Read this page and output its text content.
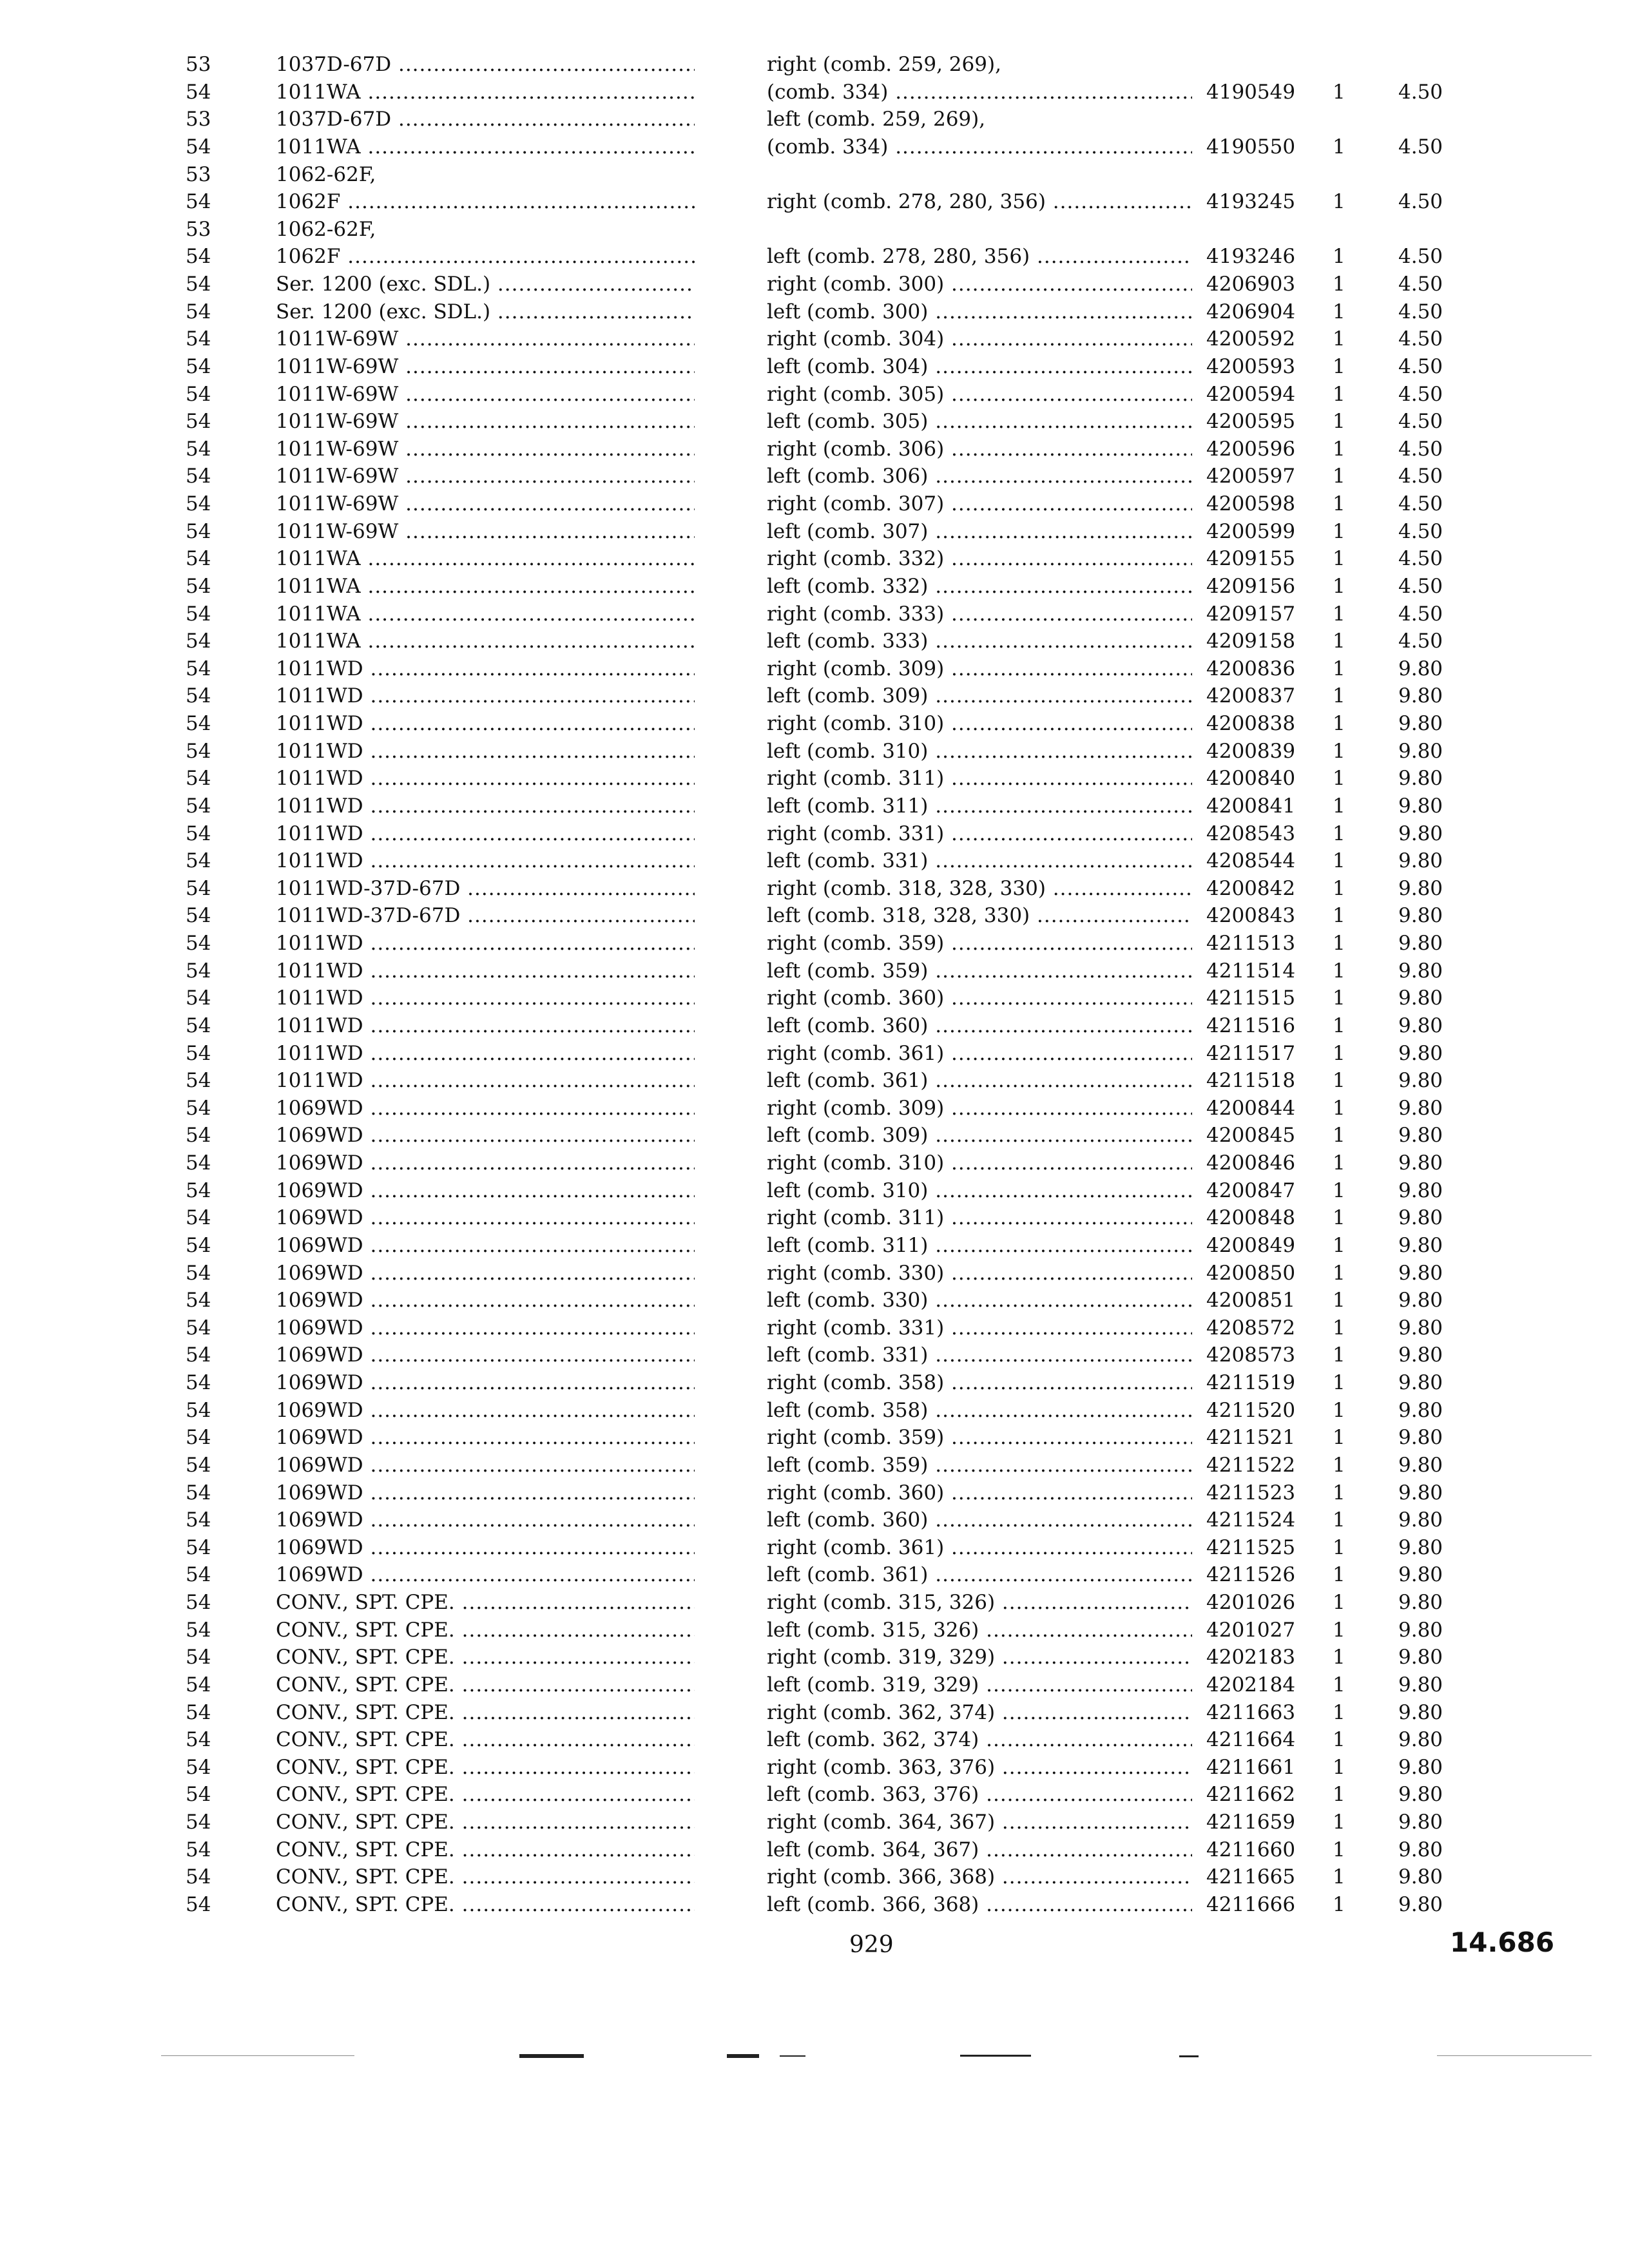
53	1037D-67D .....	right (comb. 259, 269),
54	1011WA .....	(comb. 334) .....	4190549	1	4.50
53	1037D-67D .....	left (comb. 259, 269),
54	1011WA .....	(comb. 334) .....	4190550	1	4.50
53	1062-62F,
54	1062F .....	right (comb. 278, 280, 356) .....	4193245	1	4.50
53	1062-62F,
54	1062F .....	left (comb. 278, 280, 356) .....	4193246	1	4.50
54	Ser. 1200 (exc. SDL.) .....	right (comb. 300) .....	4206903	1	4.50
54	Ser. 1200 (exc. SDL.) .....	left (comb. 300) .....	4206904	1	4.50
54	1011W-69W .....	right (comb. 304) .....	4200592	1	4.50
54	1011W-69W .....	left (comb. 304) .....	4200593	1	4.50
54	1011W-69W .....	right (comb. 305) .....	4200594	1	4.50
54	1011W-69W .....	left (comb. 305) .....	4200595	1	4.50
54	1011W-69W .....	right (comb. 306) .....	4200596	1	4.50
54	1011W-69W .....	left (comb. 306) .....	4200597	1	4.50
54	1011W-69W .....	right (comb. 307) .....	4200598	1	4.50
54	1011W-69W .....	left (comb. 307) .....	4200599	1	4.50
54	1011WA .....	right (comb. 332) .....	4209155	1	4.50
54	1011WA .....	left (comb. 332) .....	4209156	1	4.50
54	1011WA .....	right (comb. 333) .....	4209157	1	4.50
54	1011WA .....	left (comb. 333) .....	4209158	1	4.50
54	1011WD .....	right (comb. 309) .....	4200836	1	9.80
54	1011WD .....	left (comb. 309) .....	4200837	1	9.80
54	1011WD .....	right (comb. 310) .....	4200838	1	9.80
54	1011WD .....	left (comb. 310) .....	4200839	1	9.80
54	1011WD .....	right (comb. 311) .....	4200840	1	9.80
54	1011WD .....	left (comb. 311) .....	4200841	1	9.80
54	1011WD .....	right (comb. 331) .....	4208543	1	9.80
54	1011WD .....	left (comb. 331) .....	4208544	1	9.80
54	1011WD-37D-67D .....	right (comb. 318, 328, 330) .....	4200842	1	9.80
54	1011WD-37D-67D .....	left (comb. 318, 328, 330) .....	4200843	1	9.80
54	1011WD .....	right (comb. 359) .....	4211513	1	9.80
54	1011WD .....	left (comb. 359) .....	4211514	1	9.80
54	1011WD .....	right (comb. 360) .....	4211515	1	9.80
54	1011WD .....	left (comb. 360) .....	4211516	1	9.80
54	1011WD .....	right (comb. 361) .....	4211517	1	9.80
54	1011WD .....	left (comb. 361) .....	4211518	1	9.80
54	1069WD .....	right (comb. 309) .....	4200844	1	9.80
54	1069WD .....	left (comb. 309) .....	4200845	1	9.80
54	1069WD .....	right (comb. 310) .....	4200846	1	9.80
54	1069WD .....	left (comb. 310) .....	4200847	1	9.80
54	1069WD .....	right (comb. 311) .....	4200848	1	9.80
54	1069WD .....	left (comb. 311) .....	4200849	1	9.80
54	1069WD .....	right (comb. 330) .....	4200850	1	9.80
54	1069WD .....	left (comb. 330) .....	4200851	1	9.80
54	1069WD .....	right (comb. 331) .....	4208572	1	9.80
54	1069WD .....	left (comb. 331) .....	4208573	1	9.80
54	1069WD .....	right (comb. 358) .....	4211519	1	9.80
54	1069WD .....	left (comb. 358) .....	4211520	1	9.80
54	1069WD .....	right (comb. 359) .....	4211521	1	9.80
54	1069WD .....	left (comb. 359) .....	4211522	1	9.80
54	1069WD .....	right (comb. 360) .....	4211523	1	9.80
54	1069WD .....	left (comb. 360) .....	4211524	1	9.80
54	1069WD .....	right (comb. 361) .....	4211525	1	9.80
54	1069WD .....	left (comb. 361) .....	4211526	1	9.80
54	CONV., SPT. CPE. .....	right (comb. 315, 326) .....	4201026	1	9.80
54	CONV., SPT. CPE. .....	left (comb. 315, 326) .....	4201027	1	9.80
54	CONV., SPT. CPE. .....	right (comb. 319, 329) .....	4202183	1	9.80
54	CONV., SPT. CPE. .....	left (comb. 319, 329) .....	4202184	1	9.80
54	CONV., SPT. CPE. .....	right (comb. 362, 374) .....	4211663	1	9.80
54	CONV., SPT. CPE. .....	left (comb. 362, 374) .....	4211664	1	9.80
54	CONV., SPT. CPE. .....	right (comb. 363, 376) .....	4211661	1	9.80
54	CONV., SPT. CPE. .....	left (comb. 363, 376) .....	4211662	1	9.80
54	CONV., SPT. CPE. .....	right (comb. 364, 367) .....	4211659	1	9.80
54	CONV., SPT. CPE. .....	left (comb. 364, 367) .....	4211660	1	9.80
54	CONV., SPT. CPE. .....	right (comb. 366, 368) .....	4211665	1	9.80
54	CONV., SPT. CPE. .....	left (comb. 366, 368) .....	4211666	1	9.80
929	14.686
